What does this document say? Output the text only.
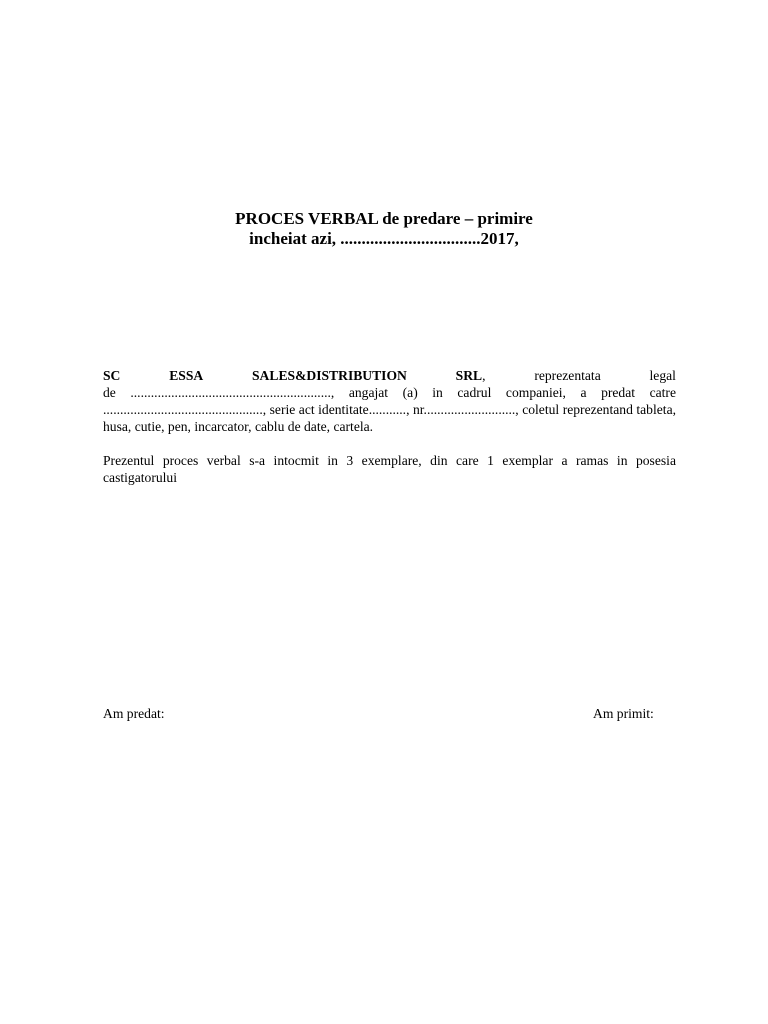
PROCES VERBAL de predare – primire
incheiat azi, .................................2017,
SC	ESSA	SALES&DISTRIBUTION	SRL,	reprezentata	legal
de ..........................................................., angajat (a) in cadrul companiei, a predat catre ..............................................., serie act identitate..........., nr..........................., coletul reprezentand tableta, husa, cutie, pen, incarcator, cablu de date, cartela.
Prezentul proces verbal s-a intocmit in 3 exemplare, din care 1 exemplar a ramas in posesia castigatorului
Am predat:	Am primit:
